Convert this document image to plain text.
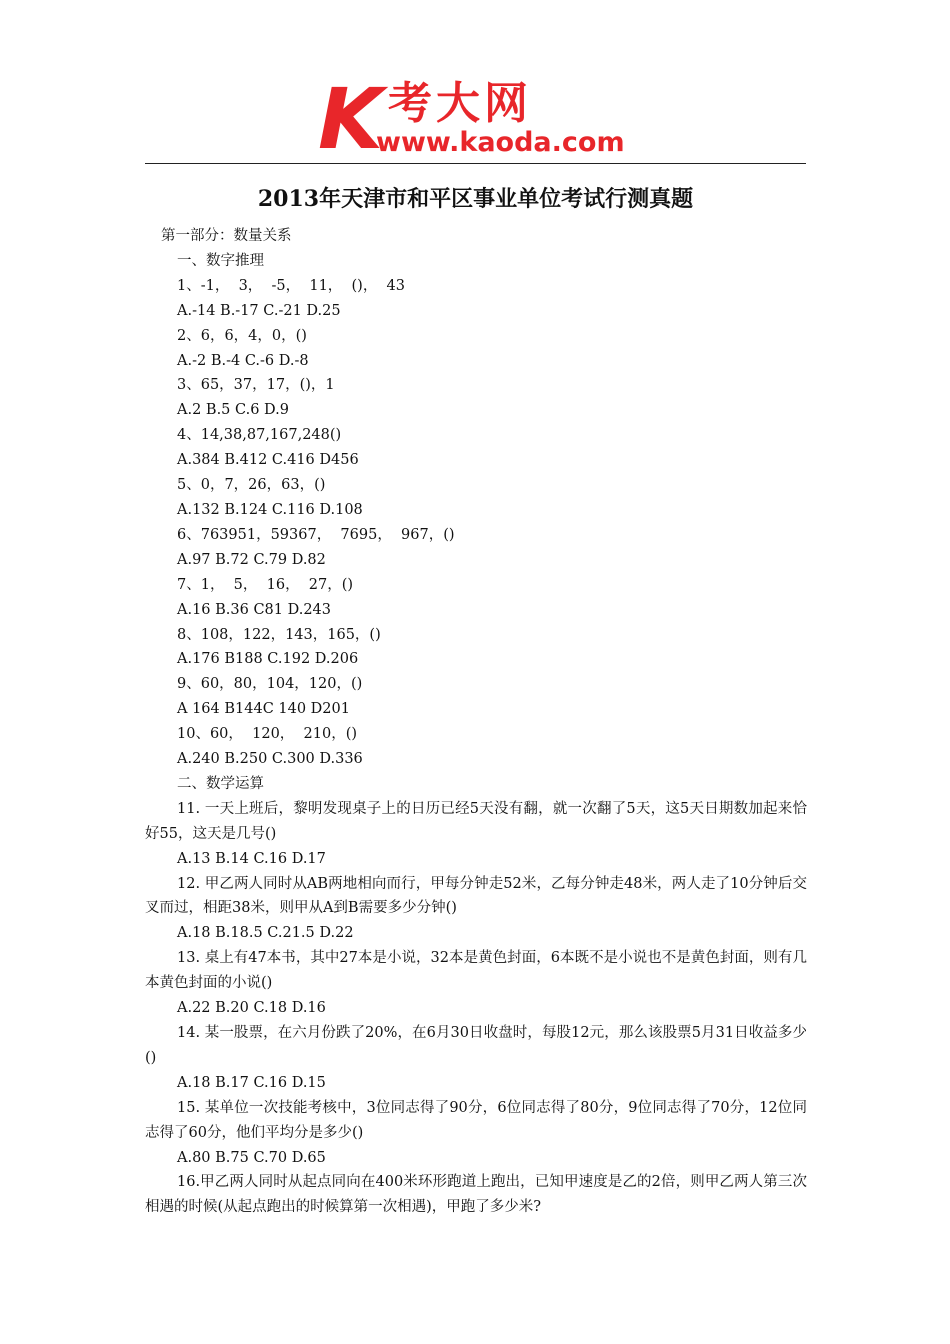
K 考大网
www.kaoda.com
2013年天津市和平区事业单位考试行测真题
第一部分：数量关系
一、数字推理
1、-1，  3，  -5，  11，  ()，  43
A.-14 B.-17 C.-21 D.25
2、6，6，4，0，()
A.-2 B.-4 C.-6 D.-8
3、65，37，17，()，1
A.2 B.5 C.6 D.9
4、14,38,87,167,248()
A.384 B.412 C.416 D456
5、0，7，26，63，()
A.132 B.124 C.116 D.108
6、763951，59367，  7695，  967，()
A.97 B.72 C.79 D.82
7、1，  5，  16，  27，()
A.16 B.36 C81 D.243
8、108，122，143，165，()
A.176 B188 C.192 D.206
9、60，80，104，120，()
A 164 B144C 140 D201
10、60，  120，  210，()
A.240 B.250 C.300 D.336
二、数学运算
11. 一天上班后，黎明发现桌子上的日历已经5天没有翻，就一次翻了5天，这5天日期数加起来恰好55，这天是几号()
A.13 B.14 C.16 D.17
12. 甲乙两人同时从AB两地相向而行，甲每分钟走52米，乙每分钟走48米，两人走了10分钟后交叉而过，相距38米，则甲从A到B需要多少分钟()
A.18 B.18.5 C.21.5 D.22
13. 桌上有47本书，其中27本是小说，32本是黄色封面，6本既不是小说也不是黄色封面，则有几本黄色封面的小说()
A.22 B.20 C.18 D.16
14. 某一股票，在六月份跌了20%，在6月30日收盘时，每股12元，那么该股票5月31日收益多少()
A.18 B.17 C.16 D.15
15. 某单位一次技能考核中，3位同志得了90分，6位同志得了80分，9位同志得了70分，12位同志得了60分，他们平均分是多少()
A.80 B.75 C.70 D.65
16.甲乙两人同时从起点同向在400米环形跑道上跑出，已知甲速度是乙的2倍，则甲乙两人第三次相遇的时候(从起点跑出的时候算第一次相遇)，甲跑了多少米?
